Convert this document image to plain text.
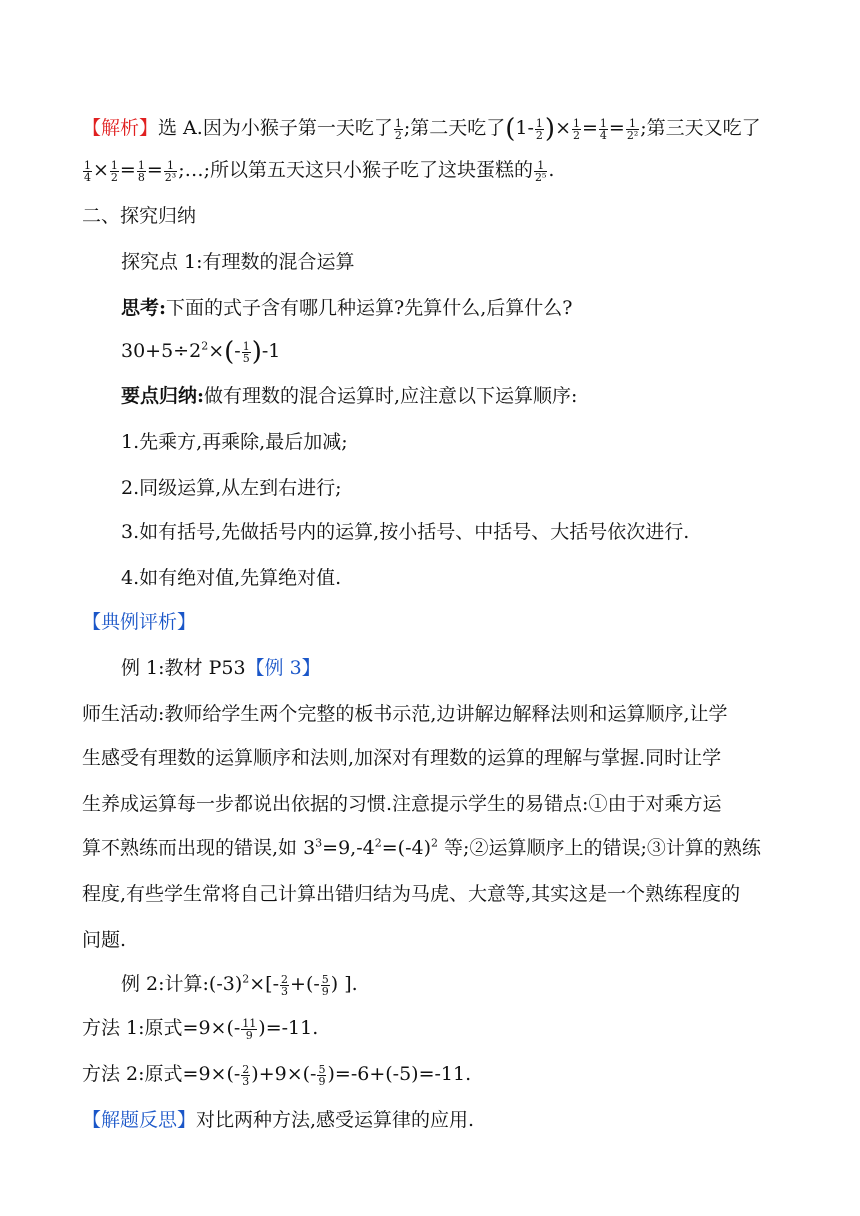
【解析】选 A.因为小猴子第一天吃了 $\frac{1}{2}$ ;第二天吃了($1- \frac{1}{2}$ )× $\frac{1}{2} = \frac{1}{4} = \frac{1}{\text{2²}}$ ;第三天又吃了
$\frac{1}{4} \times \frac{1}{2} = \frac{1}{8} = \frac{1}{\text{2³}}$ ;…;所以第五天这只小猴子吃了这块蛋糕的 $\frac{1}{\text{2⁵}}$ .
二、探究归纳
探究点 1:有理数的混合运算
思考:下面的式子含有哪几种运算?先算什么,后算什么?
$30+5\div 2^2\times(- \frac{1}{5} )-1$
要点归纳:做有理数的混合运算时,应注意以下运算顺序:
1.先乘方,再乘除,最后加减;
2.同级运算,从左到右进行;
3.如有括号,先做括号内的运算,按小括号、中括号、大括号依次进行.
4.如有绝对值,先算绝对值.
【典例评析】
例 1:教材 P53【例 3】
师生活动:教师给学生两个完整的板书示范,边讲解边解释法则和运算顺序,让学
生感受有理数的运算顺序和法则,加深对有理数的运算的理解与掌握.同时让学
生养成运算每一步都说出依据的习惯.注意提示学生的易错点:①由于对乘方运
算不熟练而出现的错误,如 $3^3=9,-4^2=(-4)^2$ 等;②运算顺序上的错误;③计算的熟练
程度,有些学生常将自己计算出错归结为马虎、大意等,其实这是一个熟练程度的
问题.
例 2:计算$:(-3)^2\times[- \frac{2}{3}$ +(- $\frac{5}{9}$ ) ].
方法 1:原式$=9\times(- \frac{11}{9} )=-11$.
方法 2:原式$=9\times(- \frac{2}{3} )+9\times(- \frac{5}{9} )=-6+(-5)=-11$.
【解题反思】对比两种方法,感受运算律的应用.
